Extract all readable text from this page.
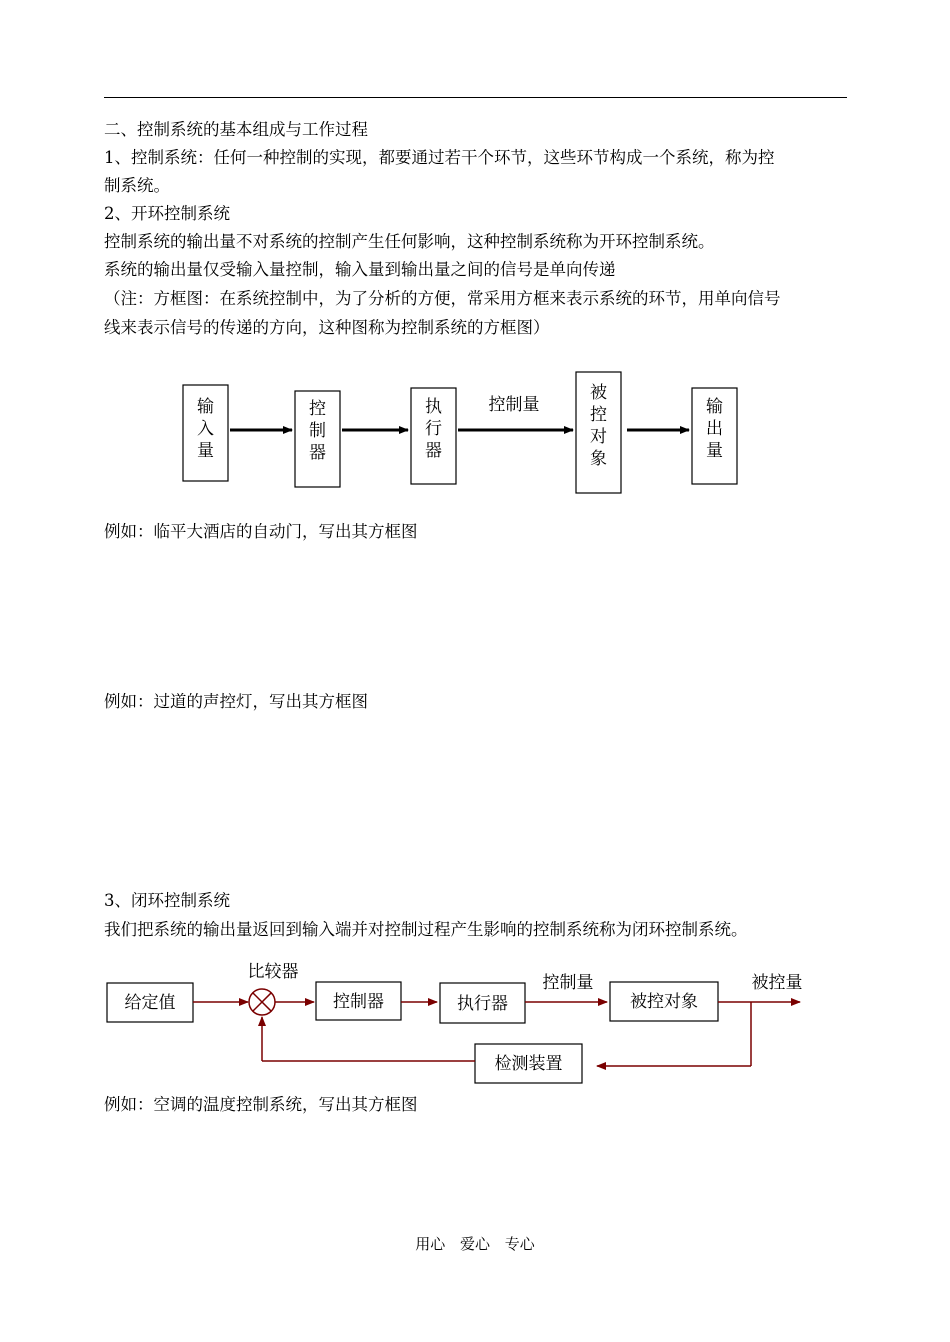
二、控制系统的基本组成与工作过程
1、控制系统：任何一种控制的实现，都要通过若干个环节，这些环节构成一个系统，称为控
制系统。
2、开环控制系统
控制系统的输出量不对系统的控制产生任何影响，这种控制系统称为开环控制系统。
系统的输出量仅受输入量控制，输入量到输出量之间的信号是单向传递
（注：方框图：在系统控制中，为了分析的方便，常采用方框来表示系统的环节，用单向信号
线来表示信号的传递的方向，这种图称为控制系统的方框图）
输
入
量
控
制
器
执
行
器
控制量
被
控
对
象
输
出
量
给定值
比较器
控制器	执行器
控制量
被控对象
被控量
检测装置
例如：临平大酒店的自动门，写出其方框图
例如：过道的声控灯，写出其方框图
3、闭环控制系统
我们把系统的输出量返回到输入端并对控制过程产生影响的控制系统称为闭环控制系统。
例如：空调的温度控制系统，写出其方框图
用心 爱心 专心
